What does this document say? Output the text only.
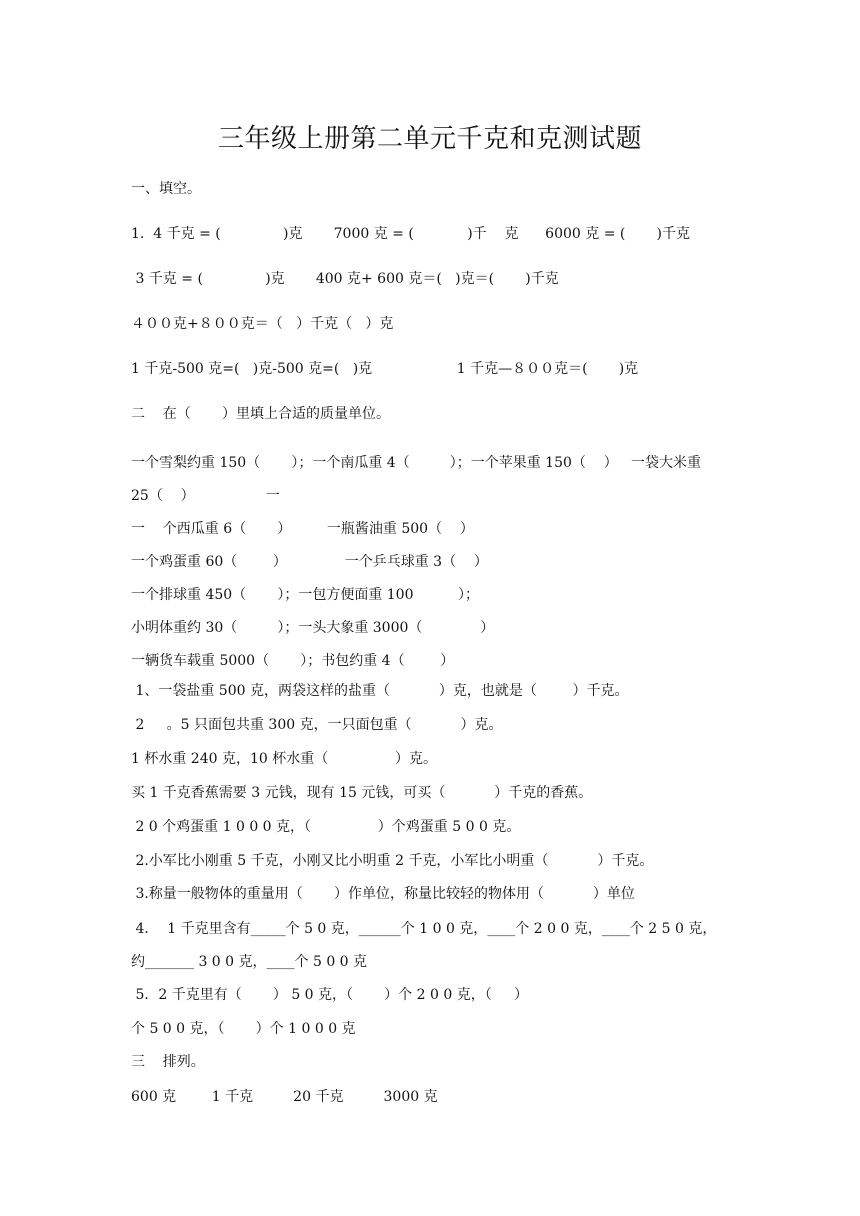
三年级上册第二单元千克和克测试题
一、填空。
1.  4 千克 = (              )克       7000 克 = (            )千    克      6000 克 = (       )千克
3 千克 = (              )克       400 克+ 600 克＝(   )克＝(       )千克
４００克+８００克＝（   ）千克（   ）克
1 千克-500 克=(   )克-500 克=(   )克                   1 千克—８００克＝(       )克
二    在（       ）里填上合适的质量单位。
一个雪梨约重 150（       ）；一个南瓜重 4（         ）；一个苹果重 150（    ）   一袋大米重
25（    ）                一
一    个西瓜重 6（       ）        一瓶酱油重 500（    ）
一个鸡蛋重 60（        ）             一个乒乓球重 3（    ）
一个排球重 450（       ）；一包方便面重 100          ）；
小明体重约 30（         ）；一头大象重 3000（             ）
一辆货车载重 5000（       ）；书包约重 4（        ）
1、一袋盐重 500 克，两袋这样的盐重（           ）克，也就是（        ）千克。
2     。5 只面包共重 300 克，一只面包重（           ）克。
1 杯水重 240 克，10 杯水重（               ）克。
买 1 千克香蕉需要 3 元钱，现有 15 元钱，可买（           ）千克的香蕉。
2 0 个鸡蛋重 1 0 0 0 克，（               ）个鸡蛋重 5 0 0 克。
2.小军比小刚重 5 千克，小刚又比小明重 2 千克，小军比小明重（           ）千克。
3.称量一般物体的重量用（       ）作单位，称量比较轻的物体用（           ）单位
4．  1 千克里含有_____个 5 0 克，______个 1 0 0 克，____个 2 0 0 克，____个 2 5 0 克，
约_______ 3 0 0 克，____个 5 0 0 克
5．2 千克里有（       ） 5 0 克，（       ）个 2 0 0 克，（     ）
个 5 0 0 克，（       ）个 1 0 0 0 克
三    排列。
600 克        1 千克         20 千克         3000 克
